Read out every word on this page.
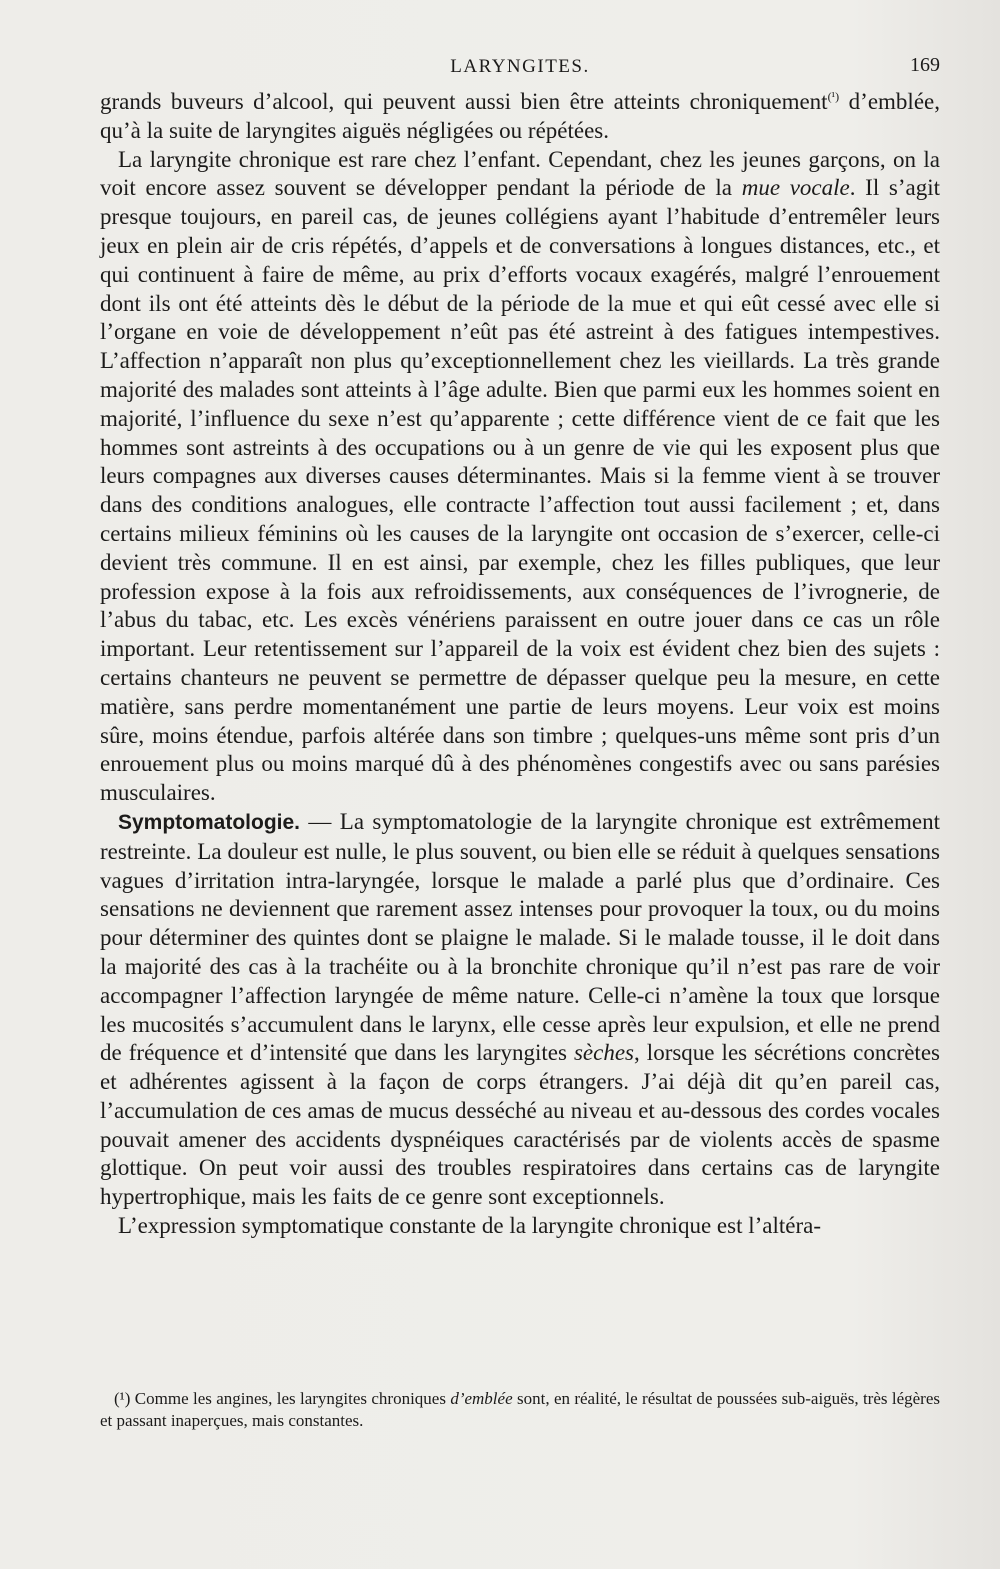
LARYNGITES.	169

grands buveurs d’alcool, qui peuvent aussi bien être atteints chroniquement$^{(^1)}$ d’emblée, qu’à la suite de laryngites aiguës négligées ou répétées.

La laryngite chronique est rare chez l’enfant. Cependant, chez les jeunes garçons, on la voit encore assez souvent se développer pendant la période de la mue vocale. Il s’agit presque toujours, en pareil cas, de jeunes collégiens ayant l’habitude d’entremêler leurs jeux en plein air de cris répétés, d’appels et de conversations à longues distances, etc., et qui continuent à faire de même, au prix d’efforts vocaux exagérés, malgré l’enrouement dont ils ont été atteints dès le début de la période de la mue et qui eût cessé avec elle si l’organe en voie de développement n’eût pas été astreint à des fatigues intempestives. L’affection n’apparaît non plus qu’exceptionnellement chez les vieillards. La très grande majorité des malades sont atteints à l’âge adulte. Bien que parmi eux les hommes soient en majorité, l’influence du sexe n’est qu’apparente ; cette différence vient de ce fait que les hommes sont astreints à des occupations ou à un genre de vie qui les exposent plus que leurs compagnes aux diverses causes déterminantes. Mais si la femme vient à se trouver dans des conditions analogues, elle contracte l’affection tout aussi facilement ; et, dans certains milieux féminins où les causes de la laryngite ont occasion de s’exercer, celle-ci devient très commune. Il en est ainsi, par exemple, chez les filles publiques, que leur profession expose à la fois aux refroidissements, aux conséquences de l’ivrognerie, de l’abus du tabac, etc. Les excès vénériens paraissent en outre jouer dans ce cas un rôle important. Leur retentissement sur l’appareil de la voix est évident chez bien des sujets : certains chanteurs ne peuvent se permettre de dépasser quelque peu la mesure, en cette matière, sans perdre momentanément une partie de leurs moyens. Leur voix est moins sûre, moins étendue, parfois altérée dans son timbre ; quelques-uns même sont pris d’un enrouement plus ou moins marqué dû à des phénomènes congestifs avec ou sans parésies musculaires.

Symptomatologie. — La symptomatologie de la laryngite chronique est extrêmement restreinte. La douleur est nulle, le plus souvent, ou bien elle se réduit à quelques sensations vagues d’irritation intra-laryngée, lorsque le malade a parlé plus que d’ordinaire. Ces sensations ne deviennent que rarement assez intenses pour provoquer la toux, ou du moins pour déterminer des quintes dont se plaigne le malade. Si le malade tousse, il le doit dans la majorité des cas à la trachéite ou à la bronchite chronique qu’il n’est pas rare de voir accompagner l’affection laryngée de même nature. Celle-ci n’amène la toux que lorsque les mucosités s’accumulent dans le larynx, elle cesse après leur expulsion, et elle ne prend de fréquence et d’intensité que dans les laryngites sèches, lorsque les sécrétions concrètes et adhérentes agissent à la façon de corps étrangers. J’ai déjà dit qu’en pareil cas, l’accumulation de ces amas de mucus desséché au niveau et au-dessous des cordes vocales pouvait amener des accidents dyspnéiques caractérisés par de violents accès de spasme glottique. On peut voir aussi des troubles respiratoires dans certains cas de laryngite hypertrophique, mais les faits de ce genre sont exceptionnels.

L’expression symptomatique constante de la laryngite chronique est l’altéra-

(¹) Comme les angines, les laryngites chroniques d’emblée sont, en réalité, le résultat de poussées sub-aiguës, très légères et passant inaperçues, mais constantes.
